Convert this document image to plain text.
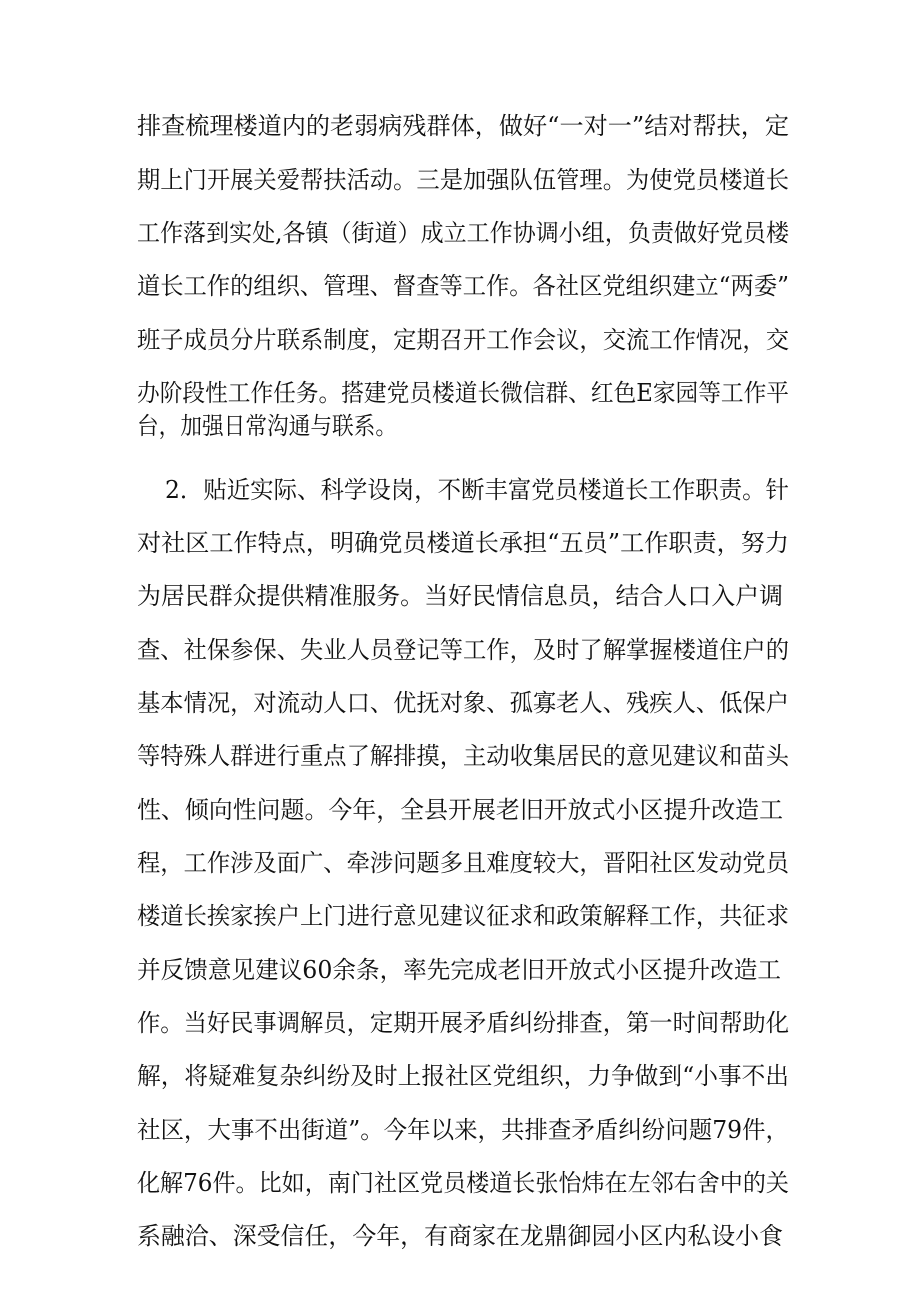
排查梳理楼道内的老弱病残群体，做好“一对一”结对帮扶，定

期上门开展关爱帮扶活动。三是加强队伍管理。为使党员楼道长

工作落到实处,各镇（街道）成立工作协调小组，负责做好党员楼

道长工作的组织、管理、督查等工作。各社区党组织建立“两委”

班子成员分片联系制度，定期召开工作会议，交流工作情况，交

办阶段性工作任务。搭建党员楼道长微信群、红色E家园等工作平

台，加强日常沟通与联系。

2．贴近实际、科学设岗，不断丰富党员楼道长工作职责。针

对社区工作特点，明确党员楼道长承担“五员”工作职责，努力

为居民群众提供精准服务。当好民情信息员，结合人口入户调

查、社保参保、失业人员登记等工作，及时了解掌握楼道住户的

基本情况，对流动人口、优抚对象、孤寡老人、残疾人、低保户

等特殊人群进行重点了解排摸，主动收集居民的意见建议和苗头

性、倾向性问题。今年，全县开展老旧开放式小区提升改造工

程，工作涉及面广、牵涉问题多且难度较大，晋阳社区发动党员

楼道长挨家挨户上门进行意见建议征求和政策解释工作，共征求

并反馈意见建议60余条，率先完成老旧开放式小区提升改造工

作。当好民事调解员，定期开展矛盾纠纷排查，第一时间帮助化

解，将疑难复杂纠纷及时上报社区党组织，力争做到“小事不出

社区，大事不出街道”。今年以来，共排查矛盾纠纷问题79件，

化解76件。比如，南门社区党员楼道长张怡炜在左邻右舍中的关

系融洽、深受信任，今年，有商家在龙鼎御园小区内私设小食
